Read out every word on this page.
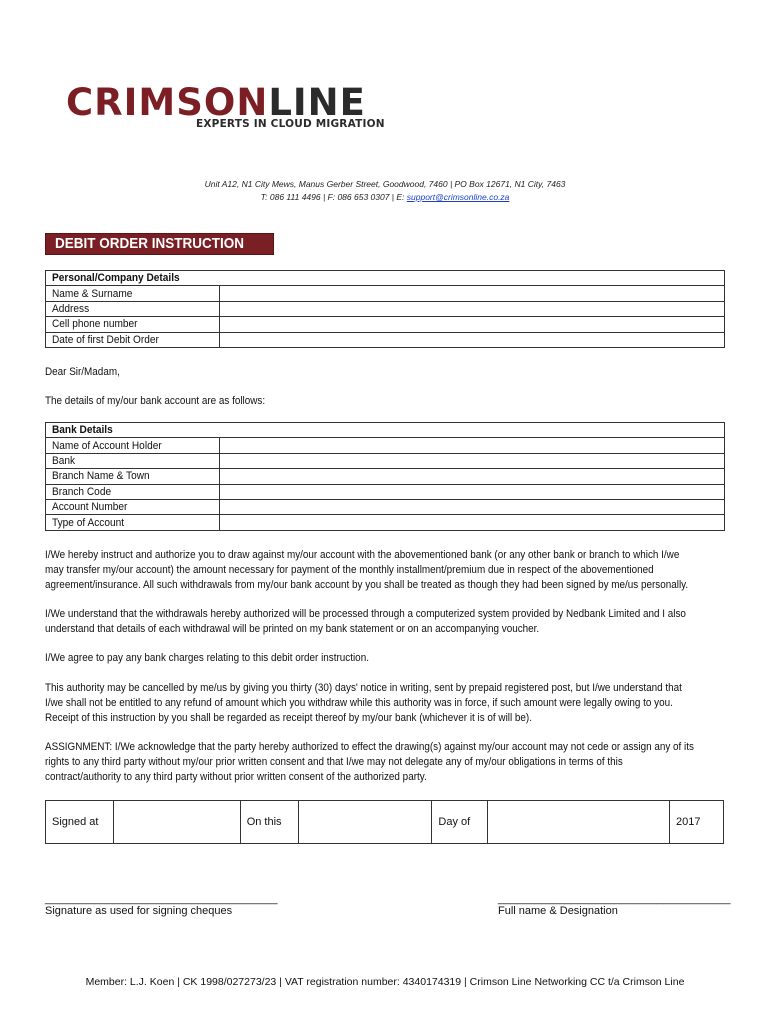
CRIMSONLINE
EXPERTS IN CLOUD MIGRATION
Unit A12, N1 City Mews, Manus Gerber Street, Goodwood, 7460 | PO Box 12671, N1 City, 7463
T: 086 111 4496 | F: 086 653 0307 | E: support@crimsonline.co.za
DEBIT ORDER INSTRUCTION
Personal/Company Details	
Name & Surname	
Address	
Cell phone number	
Date of first Debit Order	
Dear Sir/Madam,
The details of my/our bank account are as follows:
Bank Details	
Name of Account Holder	
Bank	
Branch Name & Town	
Branch Code	
Account Number	
Type of Account	
I/We hereby instruct and authorize you to draw against my/our account with the abovementioned bank (or any other bank or branch to which I/we
may transfer my/our account) the amount necessary for payment of the monthly installment/premium due in respect of the abovementioned
agreement/insurance. All such withdrawals from my/our bank account by you shall be treated as though they had been signed by me/us personally.
I/We understand that the withdrawals hereby authorized will be processed through a computerized system provided by Nedbank Limited and I also
understand that details of each withdrawal will be printed on my bank statement or on an accompanying voucher.
I/We agree to pay any bank charges relating to this debit order instruction.
This authority may be cancelled by me/us by giving you thirty (30) days' notice in writing, sent by prepaid registered post, but I/we understand that
I/we shall not be entitled to any refund of amount which you withdraw while this authority was in force, if such amount were legally owing to you.
Receipt of this instruction by you shall be regarded as receipt thereof by my/our bank (whichever it is of will be).
ASSIGNMENT: I/We acknowledge that the party hereby authorized to effect the drawing(s) against my/our account may not cede or assign any of its
rights to any third party without my/our prior written consent and that I/we may not delegate any of my/our obligations in terms of this
contract/authority to any third party without prior written consent of the authorized party.
Signed at		On this		Day of		2017
______________________________________
Signature as used for signing cheques
______________________________________
Full name & Designation
Member: L.J. Koen | CK 1998/027273/23 | VAT registration number: 4340174319 | Crimson Line Networking CC t/a Crimson Line
